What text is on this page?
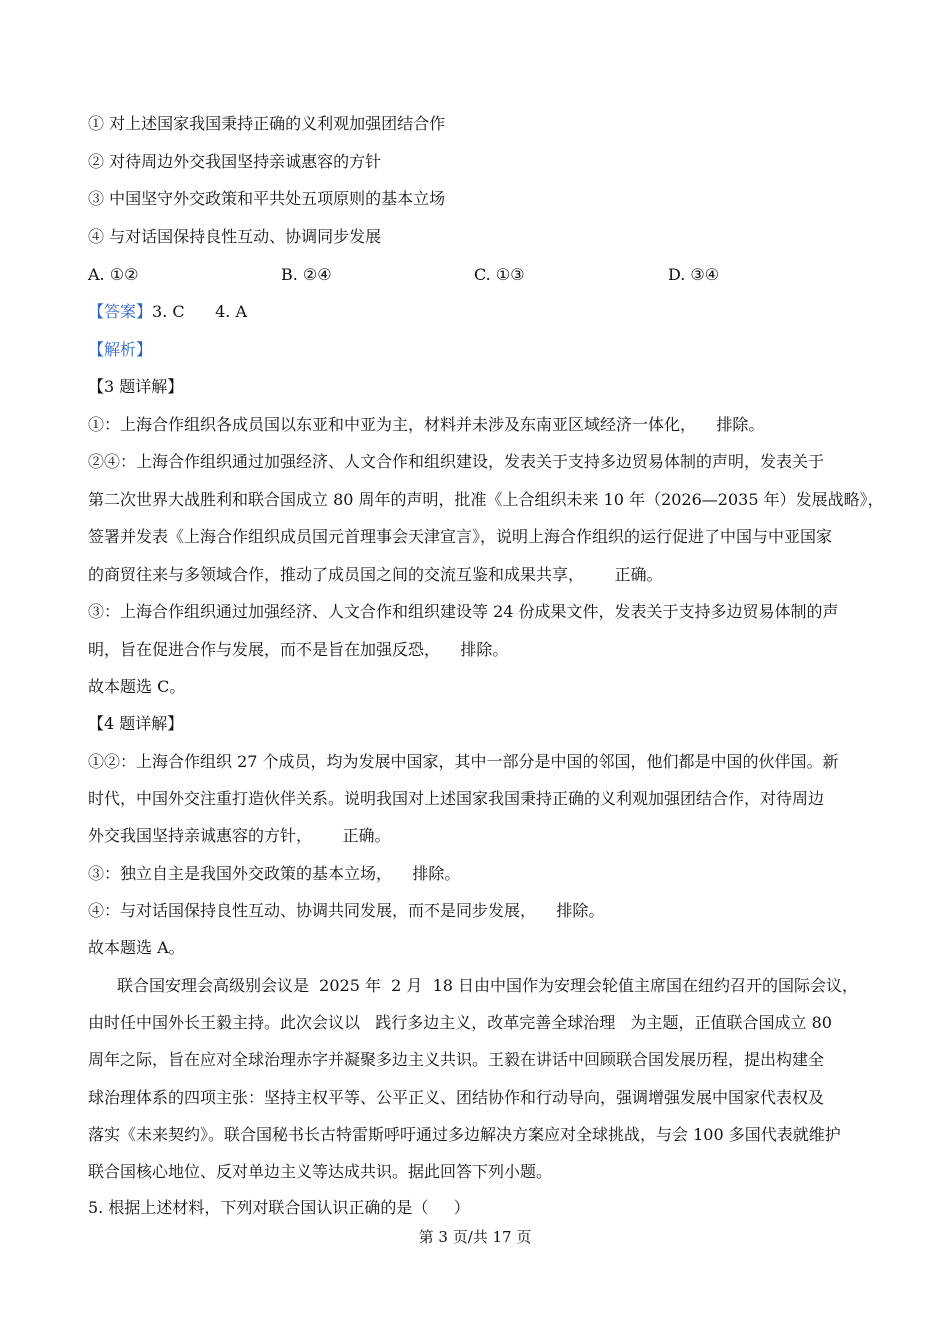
① 对上述国家我国秉持正确的义利观加强团结合作
② 对待周边外交我国坚持亲诚惠容的方针
③ 中国坚守外交政策和平共处五项原则的基本立场
④ 与对话国保持良性互动、协调同步发展
A. ①②	B. ②④	C. ①③	D. ③④
【答案】3. C      4. A
【解析】
【3 题详解】
①：上海合作组织各成员国以东亚和中亚为主，材料并未涉及东南亚区域经济一体化，    排除。
②④：上海合作组织通过加强经济、人文合作和组织建设，发表关于支持多边贸易体制的声明，发表关于
第二次世界大战胜利和联合国成立 80 周年的声明，批准《上合组织未来 10 年（2026—2035 年）发展战略》，
签署并发表《上海合作组织成员国元首理事会天津宣言》，说明上海合作组织的运行促进了中国与中亚国家
的商贸往来与多领域合作，推动了成员国之间的交流互鉴和成果共享，      正确。
③：上海合作组织通过加强经济、人文合作和组织建设等 24 份成果文件，发表关于支持多边贸易体制的声
明，旨在促进合作与发展，而不是旨在加强反恐，    排除。
故本题选 C。
【4 题详解】
①②：上海合作组织 27 个成员，均为发展中国家，其中一部分是中国的邻国，他们都是中国的伙伴国。新
时代，中国外交注重打造伙伴关系。说明我国对上述国家我国秉持正确的义利观加强团结合作，对待周边
外交我国坚持亲诚惠容的方针，      正确。
③：独立自主是我国外交政策的基本立场，    排除。
④：与对话国保持良性互动、协调共同发展，而不是同步发展，    排除。
故本题选 A。
联合国安理会高级别会议是  2025 年  2 月  18 日由中国作为安理会轮值主席国在纽约召开的国际会议，
由时任中国外长王毅主持。此次会议以   践行多边主义，改革完善全球治理   为主题，正值联合国成立 80
周年之际，旨在应对全球治理赤字并凝聚多边主义共识。王毅在讲话中回顾联合国发展历程，提出构建全
球治理体系的四项主张：坚持主权平等、公平正义、团结协作和行动导向，强调增强发展中国家代表权及
落实《未来契约》。联合国秘书长古特雷斯呼吁通过多边解决方案应对全球挑战，与会 100 多国代表就维护
联合国核心地位、反对单边主义等达成共识。据此回答下列小题。
5. 根据上述材料，下列对联合国认识正确的是（     ）
第 3 页/共 17 页
